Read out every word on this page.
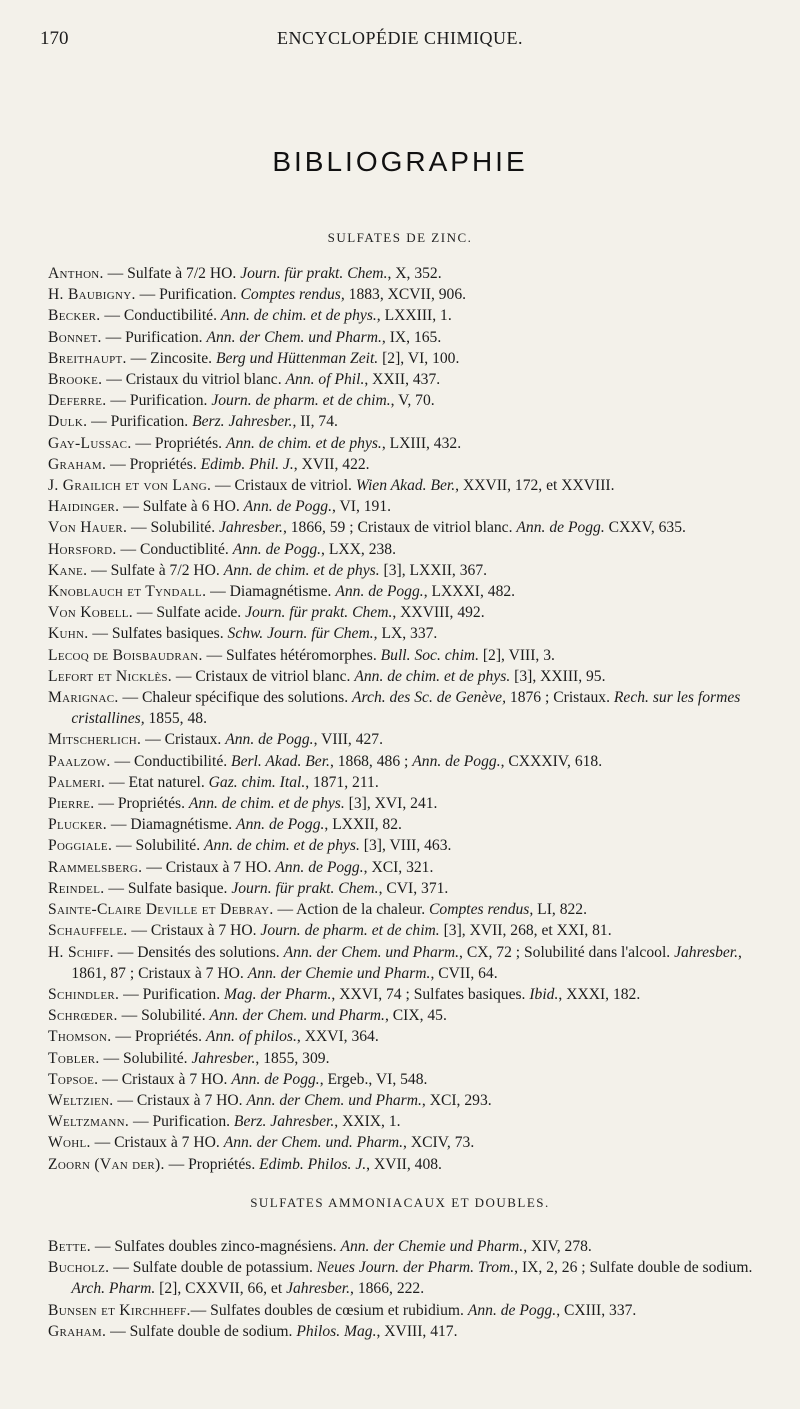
170	ENCYCLOPÉDIE CHIMIQUE.
BIBLIOGRAPHIE
SULFATES DE ZINC.
Anthon. — Sulfate à 7/2 HO. Journ. für prakt. Chem., X, 352.
H. Baubigny. — Purification. Comptes rendus, 1883, XCVII, 906.
Becker. — Conductibilité. Ann. de chim. et de phys., LXXIII, 1.
Bonnet. — Purification. Ann. der Chem. und Pharm., IX, 165.
Breithaupt. — Zincosite. Berg und Hüttenman Zeit. [2], VI, 100.
Brooke. — Cristaux du vitriol blanc. Ann. of Phil., XXII, 437.
Deferre. — Purification. Journ. de pharm. et de chim., V, 70.
Dulk. — Purification. Berz. Jahresber., II, 74.
Gay-Lussac. — Propriétés. Ann. de chim. et de phys., LXIII, 432.
Graham. — Propriétés. Edimb. Phil. J., XVII, 422.
J. Grailich et von Lang. — Cristaux de vitriol. Wien Akad. Ber., XXVII, 172, et XXVIII.
Haidinger. — Sulfate à 6 HO. Ann. de Pogg., VI, 191.
Von Hauer. — Solubilité. Jahresber., 1866, 59 ; Cristaux de vitriol blanc. Ann. de Pogg. CXXV, 635.
Horsford. — Conductiblité. Ann. de Pogg., LXX, 238.
Kane. — Sulfate à 7/2 HO. Ann. de chim. et de phys. [3], LXXII, 367.
Knoblauch et Tyndall. — Diamagnétisme. Ann. de Pogg., LXXXI, 482.
Von Kobell. — Sulfate acide. Journ. für prakt. Chem., XXVIII, 492.
Kuhn. — Sulfates basiques. Schw. Journ. für Chem., LX, 337.
Lecoq de Boisbaudran. — Sulfates hétéromorphes. Bull. Soc. chim. [2], VIII, 3.
Lefort et Nicklès. — Cristaux de vitriol blanc. Ann. de chim. et de phys. [3], XXIII, 95.
Marignac. — Chaleur spécifique des solutions. Arch. des Sc. de Genève, 1876 ; Cristaux. Rech. sur les formes cristallines, 1855, 48.
Mitscherlich. — Cristaux. Ann. de Pogg., VIII, 427.
Paalzow. — Conductibilité. Berl. Akad. Ber., 1868, 486 ; Ann. de Pogg., CXXXIV, 618.
Palmeri. — Etat naturel. Gaz. chim. Ital., 1871, 211.
Pierre. — Propriétés. Ann. de chim. et de phys. [3], XVI, 241.
Plucker. — Diamagnétisme. Ann. de Pogg., LXXII, 82.
Poggiale. — Solubilité. Ann. de chim. et de phys. [3], VIII, 463.
Rammelsberg. — Cristaux à 7 HO. Ann. de Pogg., XCI, 321.
Reindel. — Sulfate basique. Journ. für prakt. Chem., CVI, 371.
Sainte-Claire Deville et Debray. — Action de la chaleur. Comptes rendus, LI, 822.
Schauffele. — Cristaux à 7 HO. Journ. de pharm. et de chim. [3], XVII, 268, et XXI, 81.
H. Schiff. — Densités des solutions. Ann. der Chem. und Pharm., CX, 72 ; Solubilité dans l'alcool. Jahresber., 1861, 87 ; Cristaux à 7 HO. Ann. der Chemie und Pharm., CVII, 64.
Schindler. — Purification. Mag. der Pharm., XXVI, 74 ; Sulfates basiques. Ibid., XXXI, 182.
Schrœder. — Solubilité. Ann. der Chem. und Pharm., CIX, 45.
Thomson. — Propriétés. Ann. of philos., XXVI, 364.
Tobler. — Solubilité. Jahresber., 1855, 309.
Topsoe. — Cristaux à 7 HO. Ann. de Pogg., Ergeb., VI, 548.
Weltzien. — Cristaux à 7 HO. Ann. der Chem. und Pharm., XCI, 293.
Weltzmann. — Purification. Berz. Jahresber., XXIX, 1.
Wohl. — Cristaux à 7 HO. Ann. der Chem. und. Pharm., XCIV, 73.
Zoorn (Van der). — Propriétés. Edimb. Philos. J., XVII, 408.
SULFATES AMMONIACAUX ET DOUBLES.
Bette. — Sulfates doubles zinco-magnésiens. Ann. der Chemie und Pharm., XIV, 278.
Bucholz. — Sulfate double de potassium. Neues Journ. der Pharm. Trom., IX, 2, 26 ; Sulfate double de sodium. Arch. Pharm. [2], CXXVII, 66, et Jahresber., 1866, 222.
Bunsen et Kirchheff.— Sulfates doubles de cœsium et rubidium. Ann. de Pogg., CXIII, 337.
Graham. — Sulfate double de sodium. Philos. Mag., XVIII, 417.
